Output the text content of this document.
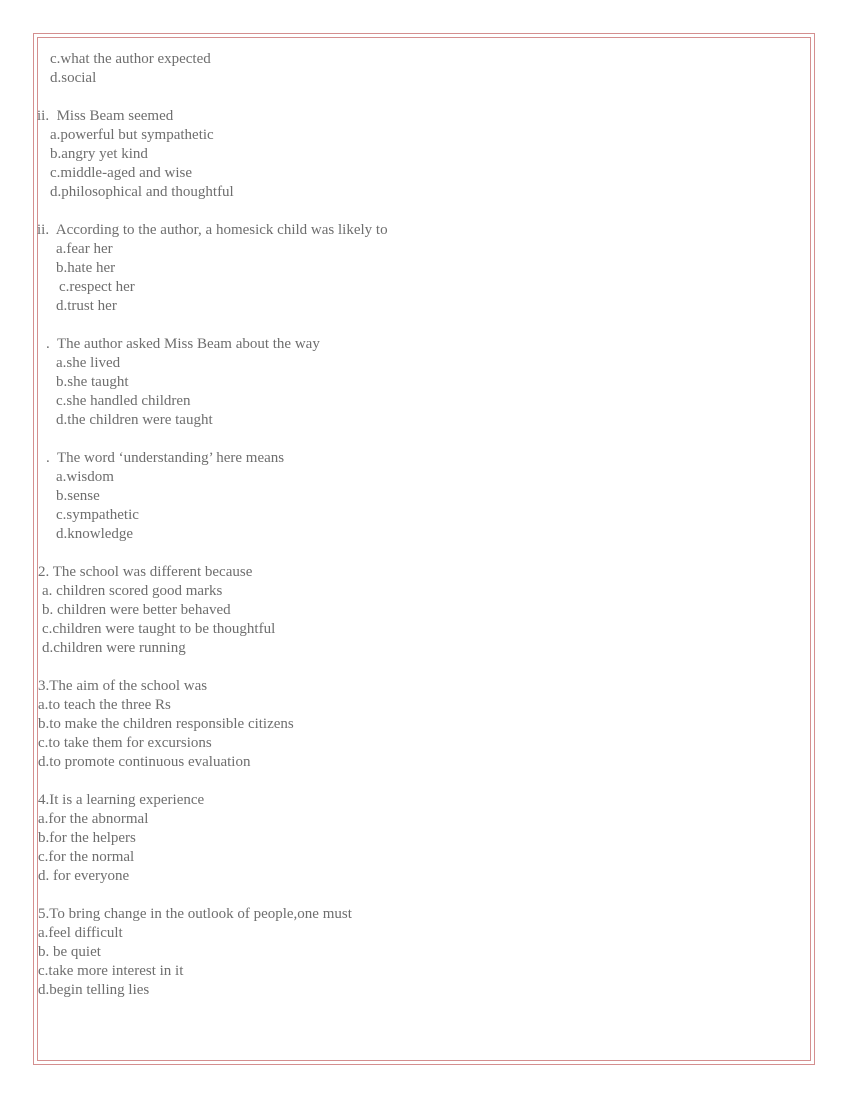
c.what the author expected
d.social
ii.  Miss Beam seemed
a.powerful but sympathetic
b.angry yet kind
c.middle-aged and wise
d.philosophical and thoughtful
ii.  According to the author, a homesick child was likely to
a.fear her
b.hate her
c.respect her
d.trust her
.  The author asked Miss Beam about the way
a.she lived
b.she taught
c.she handled children
d.the children were taught
.  The word ‘understanding’ here means
a.wisdom
b.sense
c.sympathetic
d.knowledge
2. The school was different because
a. children scored good marks
b. children were better behaved
c.children were taught to be thoughtful
d.children were running
3.The aim of the school was
a.to teach the three Rs
b.to make the children responsible citizens
c.to take them for excursions
d.to promote continuous evaluation
4.It is a learning experience
a.for the abnormal
b.for the helpers
c.for the normal
d. for everyone
5.To bring change in the outlook of people,one must
a.feel difficult
b. be quiet
c.take more interest in it
d.begin telling lies
